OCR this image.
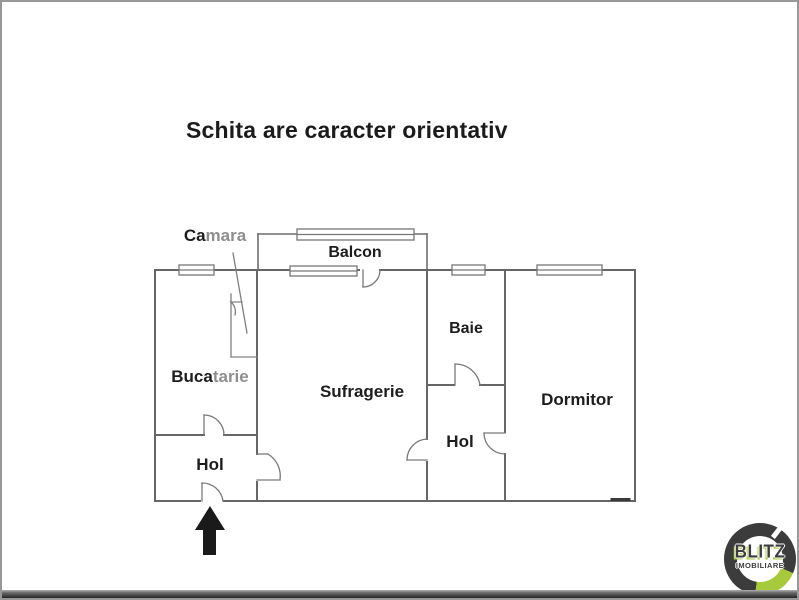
Schita are caracter orientativ
Camara
Balcon
Bucatarie
Sufragerie
Baie
Hol
Hol
Dormitor
BLITZ
IMOBILIARE
